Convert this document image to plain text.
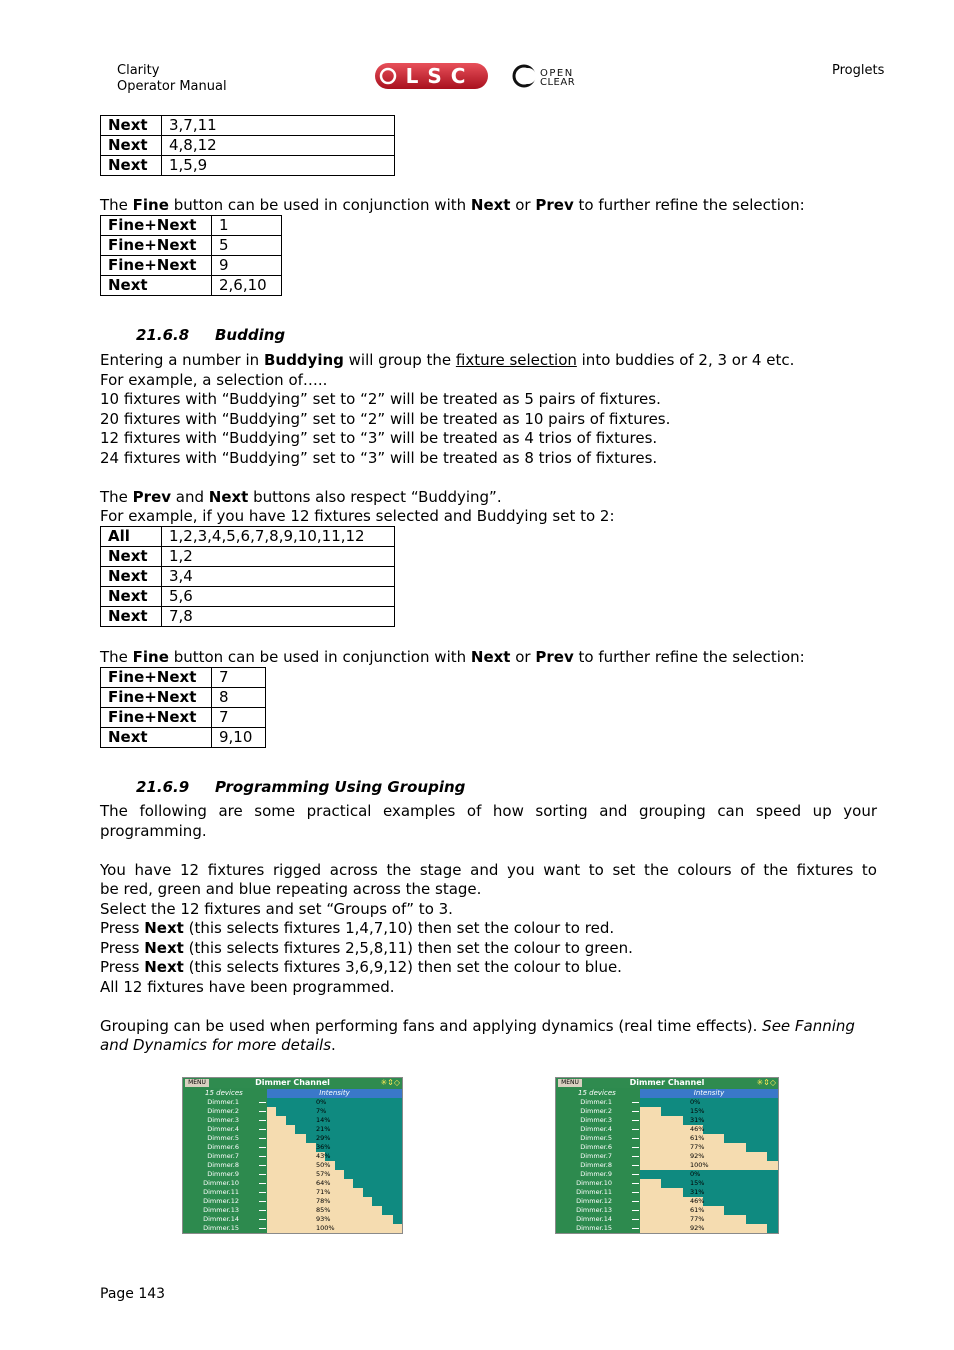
Clarity
Operator Manual
Proglets
LSC	OPEN
CLEAR
Next	3,7,11
Next	4,8,12
Next	1,5,9

The Fine button can be used in conjunction with Next or Prev to further refine the selection:

Fine+Next	1
Fine+Next	5
Fine+Next	9
Next	2,6,10
21.6.8 Budding

Entering a number in Buddying will group the fixture selection into buddies of 2, 3 or 4 etc.

For example, a selection of…..

10 fixtures with “Buddying” set to “2” will be treated as 5 pairs of fixtures.

20 fixtures with “Buddying” set to “2” will be treated as 10 pairs of fixtures.

12 fixtures with “Buddying” set to “3” will be treated as 4 trios of fixtures.

24 fixtures with “Buddying” set to “3” will be treated as 8 trios of fixtures.

The Prev and Next buttons also respect “Buddying”.

For example, if you have 12 fixtures selected and Buddying set to 2:

All	1,2,3,4,5,6,7,8,9,10,11,12
Next	1,2
Next	3,4
Next	5,6
Next	7,8

The Fine button can be used in conjunction with Next or Prev to further refine the selection:

Fine+Next	7
Fine+Next	8
Fine+Next	7
Next	9,10
21.6.9 Programming Using Grouping

The following are some practical examples of how sorting and grouping can speed up your

programming.

You have 12 fixtures rigged across the stage and you want to set the colours of the fixtures to

be red, green and blue repeating across the stage.

Select the 12 fixtures and set “Groups of” to 3.

Press Next (this selects fixtures 1,4,7,10) then set the colour to red.

Press Next (this selects fixtures 2,5,8,11) then set the colour to green.

Press Next (this selects fixtures 3,6,9,12) then set the colour to blue.

All 12 fixtures have been programmed.

Grouping can be used when performing fans and applying dynamics (real time effects). See Fanning and Dynamics for more details.

Dimmer Channel
MENU	✳⇕◇
15 devices	Intensity
Dimmer.1	0%
Dimmer.2	7%
Dimmer.3	14%
Dimmer.4	21%
Dimmer.5	29%
Dimmer.6	36%
Dimmer.7	43%
Dimmer.8	50%
Dimmer.9	57%
Dimmer.10	64%
Dimmer.11	71%
Dimmer.12	78%
Dimmer.13	85%
Dimmer.14	93%
Dimmer.15	100%
Dimmer Channel
MENU	✳⇕◇
15 devices	Intensity
Dimmer.1	0%
Dimmer.2	15%
Dimmer.3	31%
Dimmer.4	46%
Dimmer.5	61%
Dimmer.6	77%
Dimmer.7	92%
Dimmer.8	100%
Dimmer.9	0%
Dimmer.10	15%
Dimmer.11	31%
Dimmer.12	46%
Dimmer.13	61%
Dimmer.14	77%
Dimmer.15	92%
Page 143
